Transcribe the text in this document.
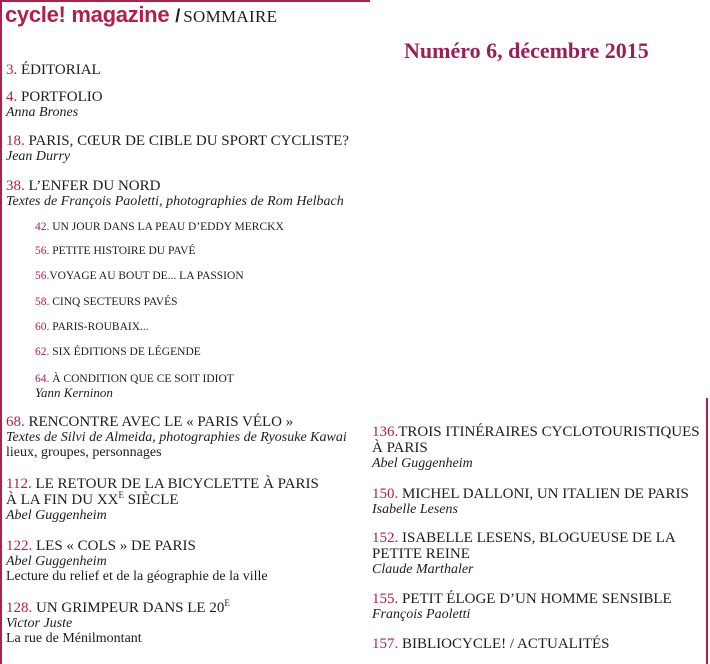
cycle! magazine / SOMMAIRE
Numéro 6, décembre 2015
3. ÉDITORIAL
4. PORTFOLIO
Anna Brones
18. PARIS, CŒUR DE CIBLE DU SPORT CYCLISTE?
Jean Durry
38. L’ENFER DU NORD
Textes de François Paoletti, photographies de Rom Helbach
42. UN JOUR DANS LA PEAU D’EDDY MERCKX
56. PETITE HISTOIRE DU PAVÉ
56.VOYAGE AU BOUT DE... LA PASSION
58. CINQ SECTEURS PAVÉS
60. PARIS-ROUBAIX...
62. SIX ÉDITIONS DE LÉGENDE
64. À CONDITION QUE CE SOIT IDIOT
Yann Kerninon
68. RENCONTRE AVEC LE « PARIS VÉLO »
Textes de Silvi de Almeida, photographies de Ryosuke Kawai
lieux, groupes, personnages
112. LE RETOUR DE LA BICYCLETTE À PARIS
À LA FIN DU $XX^E$ SIÈCLE
Abel Guggenheim
122. LES « COLS » DE PARIS
Abel Guggenheim
Lecture du relief et de la géographie de la ville
128. UN GRIMPEUR DANS LE $20^E$
Victor Juste
La rue de Ménilmontant
136.TROIS ITINÉRAIRES CYCLOTOURISTIQUES
À PARIS
Abel Guggenheim
150. MICHEL DALLONI, UN ITALIEN DE PARIS
Isabelle Lesens
152. ISABELLE LESENS, BLOGUEUSE DE LA
PETITE REINE
Claude Marthaler
155. PETIT ÉLOGE D’UN HOMME SENSIBLE
François Paoletti
157. BIBLIOCYCLE! / ACTUALITÉS
